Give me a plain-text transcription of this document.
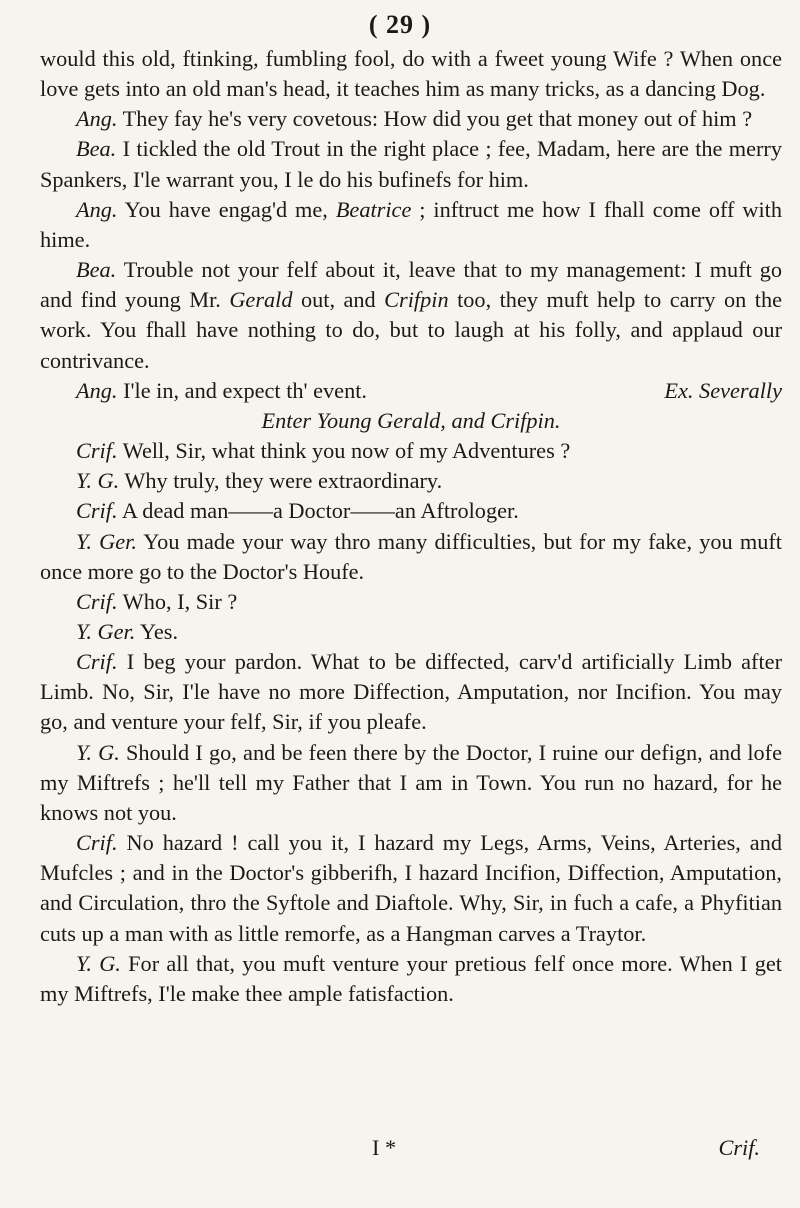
( 29 )

would this old, ftinking, fumbling fool, do with a fweet young Wife ? When once love gets into an old man's head, it teaches him as many tricks, as a dancing Dog.

Ang. They fay he's very covetous: How did you get that money out of him ?

Bea. I tickled the old Trout in the right place ; fee, Madam, here are the merry Spankers, I'le warrant you, I le do his bufinefs for him.

Ang. You have engag'd me, Beatrice ; inftruct me how I fhall come off with hime.

Bea. Trouble not your felf about it, leave that to my management: I muft go and find young Mr. Gerald out, and Crifpin too, they muft help to carry on the work. You fhall have nothing to do, but to laugh at his folly, and applaud our contrivance.

Ang. I'le in, and expect th' event.	Ex. Severally

Enter Young Gerald, and Crifpin.

Crif. Well, Sir, what think you now of my Adventures ?

Y. G. Why truly, they were extraordinary.

Crif. A dead man——a Doctor——an Aftrologer.

Y. Ger. You made your way thro many difficulties, but for my fake, you muft once more go to the Doctor's Houfe.

Crif. Who, I, Sir ?

Y. Ger. Yes.

Crif. I beg your pardon. What to be diffected, carv'd artificially Limb after Limb. No, Sir, I'le have no more Diffection, Amputation, nor Incifion. You may go, and venture your felf, Sir, if you pleafe.

Y. G. Should I go, and be feen there by the Doctor, I ruine our defign, and lofe my Miftrefs ; he'll tell my Father that I am in Town. You run no hazard, for he knows not you.

Crif. No hazard ! call you it, I hazard my Legs, Arms, Veins, Arteries, and Mufcles ; and in the Doctor's gibberifh, I hazard Incifion, Diffection, Amputation, and Circulation, thro the Syftole and Diaftole. Why, Sir, in fuch a cafe, a Phyfitian cuts up a man with as little remorfe, as a Hangman carves a Traytor.

Y. G. For all that, you muft venture your pretious felf once more. When I get my Miftrefs, I'le make thee ample fatisfaction.

I *	Crif.
